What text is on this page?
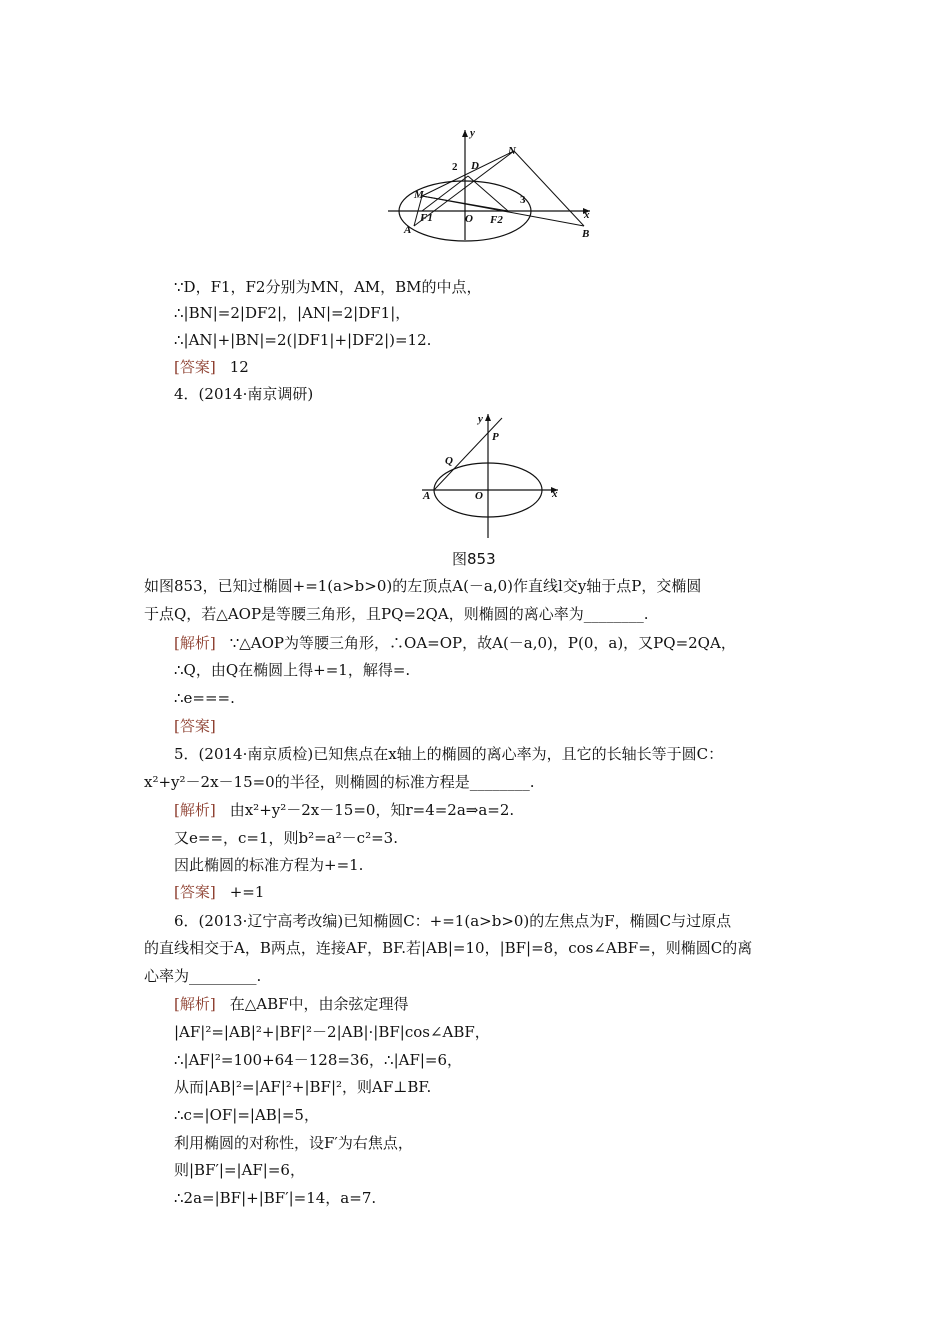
y
2 D
N
M
F1
3
O F2	x
A	B
∵D，F1，F2分别为MN，AM，BM的中点，
∴|BN|=2|DF2|，|AN|=2|DF1|，
∴|AN|+|BN|=2(|DF1|+|DF2|)=12.
[答案] 12
4．(2014·南京调研)
y
P
Q
A	O	x
图853
如图853，已知过椭圆+=1(a>b>0)的左顶点A(－a,0)作直线l交y轴于点P，交椭圆
于点Q，若△AOP是等腰三角形，且PQ=2QA，则椭圆的离心率为________.
[解析] ∵△AOP为等腰三角形，∴OA=OP，故A(－a,0)，P(0，a)，又PQ=2QA，
∴Q，由Q在椭圆上得+=1，解得=.
∴e===.
[答案]
5．(2014·南京质检)已知焦点在x轴上的椭圆的离心率为，且它的长轴长等于圆C：
x²+y²－2x－15=0的半径，则椭圆的标准方程是________.
[解析] 由x²+y²－2x－15=0，知r=4=2a⇒a=2.
又e==，c=1，则b²=a²－c²=3.
因此椭圆的标准方程为+=1.
[答案] +=1
6．(2013·辽宁高考改编)已知椭圆C：+=1(a>b>0)的左焦点为F，椭圆C与过原点
的直线相交于A，B两点，连接AF，BF.若|AB|=10，|BF|=8，cos∠ABF=，则椭圆C的离
心率为_________.
[解析] 在△ABF中，由余弦定理得
|AF|²=|AB|²+|BF|²－2|AB|·|BF|cos∠ABF，
∴|AF|²=100+64－128=36，∴|AF|=6，
从而|AB|²=|AF|²+|BF|²，则AF⊥BF.
∴c=|OF|=|AB|=5，
利用椭圆的对称性，设F′为右焦点，
则|BF′|=|AF|=6，
∴2a=|BF|+|BF′|=14，a=7.
